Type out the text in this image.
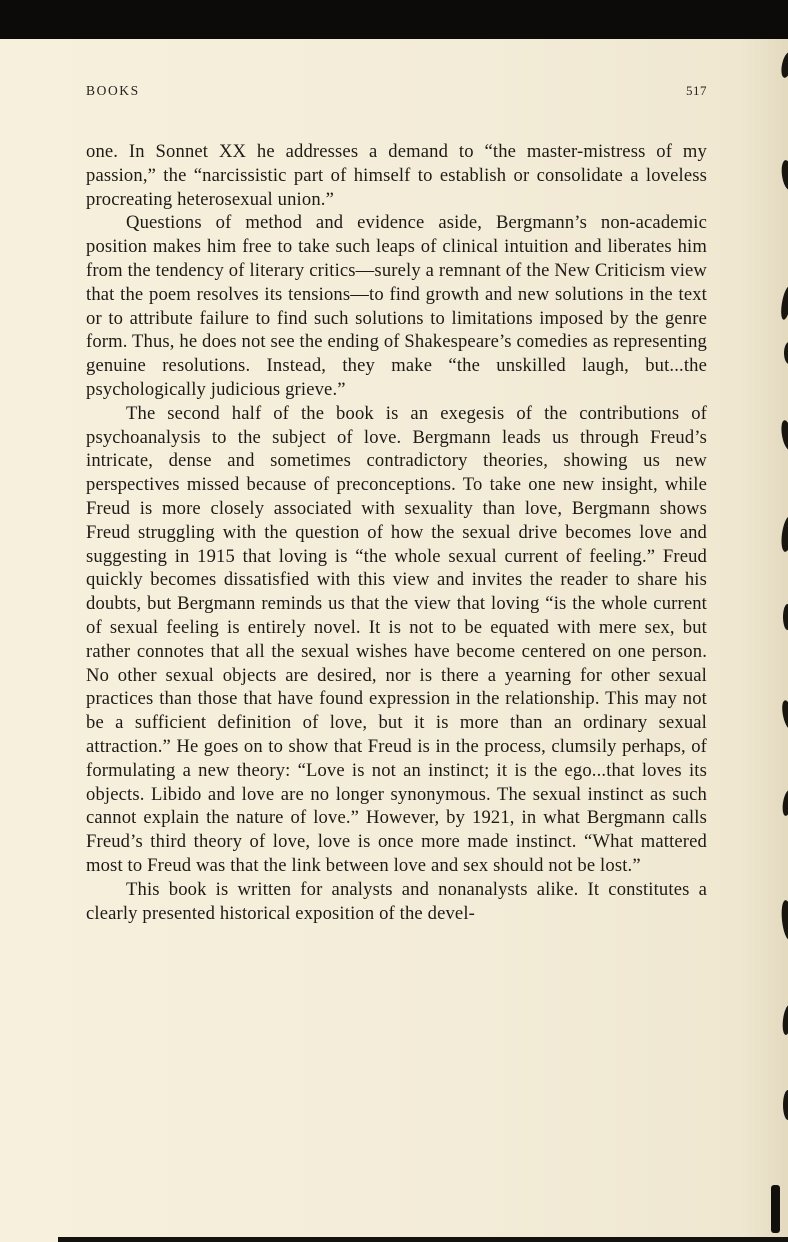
BOOKS	517

one. In Sonnet XX he addresses a demand to “the master-mistress of my passion,” the “narcissistic part of himself to establish or consolidate a loveless procreating heterosexual union.”

Questions of method and evidence aside, Bergmann’s non-academic position makes him free to take such leaps of clinical intuition and liberates him from the tendency of literary critics—surely a remnant of the New Criticism view that the poem resolves its tensions—to find growth and new solutions in the text or to attribute failure to find such solutions to limitations imposed by the genre form. Thus, he does not see the ending of Shakespeare’s comedies as representing genuine resolutions. Instead, they make “the unskilled laugh, but...the psychologically judicious grieve.”

The second half of the book is an exegesis of the contributions of psychoanalysis to the subject of love. Bergmann leads us through Freud’s intricate, dense and sometimes contradictory theories, showing us new perspectives missed because of preconceptions. To take one new insight, while Freud is more closely associated with sexuality than love, Bergmann shows Freud struggling with the question of how the sexual drive becomes love and suggesting in 1915 that loving is “the whole sexual current of feeling.” Freud quickly becomes dissatisfied with this view and invites the reader to share his doubts, but Bergmann reminds us that the view that loving “is the whole current of sexual feeling is entirely novel. It is not to be equated with mere sex, but rather connotes that all the sexual wishes have become centered on one person. No other sexual objects are desired, nor is there a yearning for other sexual practices than those that have found expression in the relationship. This may not be a sufficient definition of love, but it is more than an ordinary sexual attraction.” He goes on to show that Freud is in the process, clumsily perhaps, of formulating a new theory: “Love is not an instinct; it is the ego...that loves its objects. Libido and love are no longer synonymous. The sexual instinct as such cannot explain the nature of love.” However, by 1921, in what Bergmann calls Freud’s third theory of love, love is once more made instinct. “What mattered most to Freud was that the link between love and sex should not be lost.”

This book is written for analysts and nonanalysts alike. It constitutes a clearly presented historical exposition of the devel-
